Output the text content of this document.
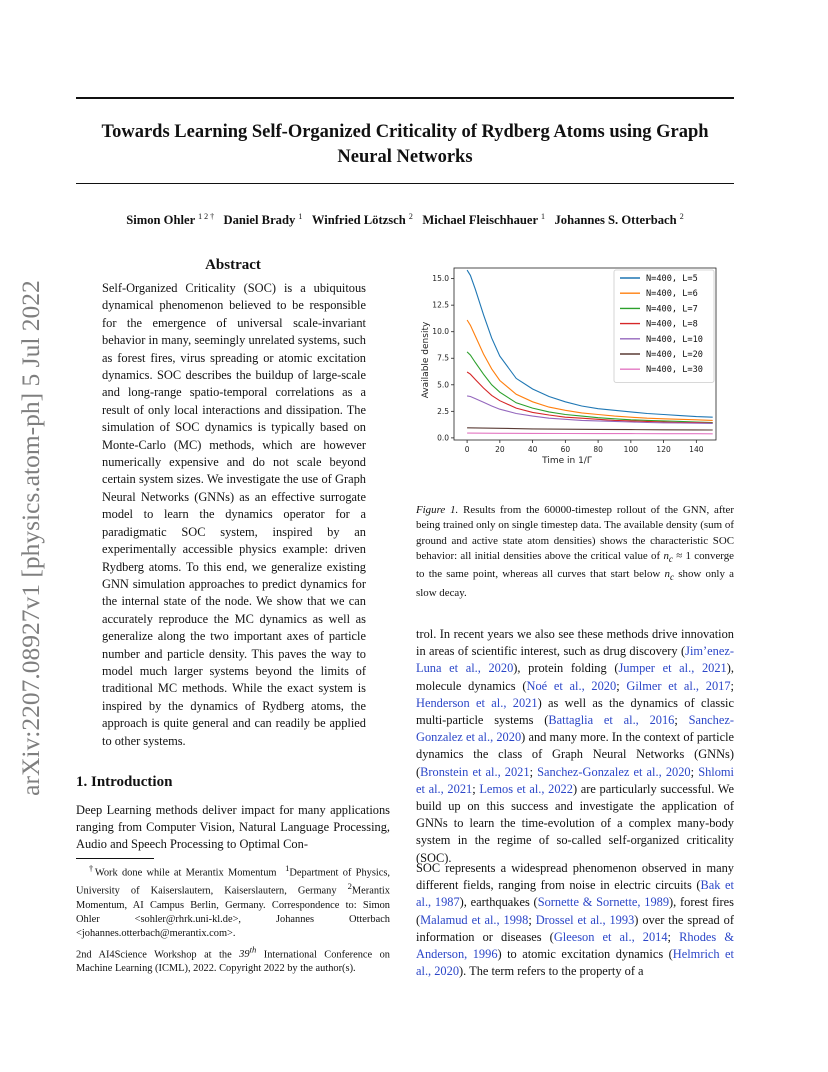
Towards Learning Self-Organized Criticality of Rydberg Atoms using Graph Neural Networks
Simon Ohler $^{1 2 \dagger}$ Daniel Brady $^1$ Winfried Lötzsch $^2$ Michael Fleischhauer $^1$ Johannes S. Otterbach $^2$
arXiv:2207.08927v1 [physics.atom-ph] 5 Jul 2022
Abstract

Self-Organized Criticality (SOC) is a ubiquitous dynamical phenomenon believed to be responsible for the emergence of universal scale-invariant behavior in many, seemingly unrelated systems, such as forest fires, virus spreading or atomic excitation dynamics. SOC describes the buildup of large-scale and long-range spatio-temporal correlations as a result of only local interactions and dissipation. The simulation of SOC dynamics is typically based on Monte-Carlo (MC) methods, which are however numerically expensive and do not scale beyond certain system sizes. We investigate the use of Graph Neural Networks (GNNs) as an effective surrogate model to learn the dynamics operator for a paradigmatic SOC system, inspired by an experimentally accessible physics example: driven Rydberg atoms. To this end, we generalize existing GNN simulation approaches to predict dynamics for the internal state of the node. We show that we can accurately reproduce the MC dynamics as well as generalize along the two important axes of particle number and particle density. This paves the way to model much larger systems beyond the limits of traditional MC methods. While the exact system is inspired by the dynamics of Rydberg atoms, the approach is quite general and can readily be applied to other systems.

1. Introduction

Deep Learning methods deliver impact for many applications ranging from Computer Vision, Natural Language Processing, Audio and Speech Processing to Optimal Con-

†Work done while at Merantix Momentum $^1$Department of Physics, University of Kaiserslautern, Kaiserslautern, Germany $^2$Merantix Momentum, AI Campus Berlin, Germany. Correspondence to: Simon Ohler <sohler@rhrk.uni-kl.de>, Johannes Otterbach <johannes.otterbach@merantix.com>.
2nd AI4Science Workshop at the 39th International Conference on Machine Learning (ICML), 2022. Copyright 2022 by the author(s).
0	20	40	60	80	100 120 140
0.0
2.5
5.0
7.5
10.0
12.5
15.0
Time in 1/Γ
Available density
N=400, L=5
N=400, L=6
N=400, L=7
N=400, L=8
N=400, L=10
N=400, L=20
N=400, L=30
Figure 1. Results from the 60000-timestep rollout of the GNN, after being trained only on single timestep data. The available density (sum of ground and active state atom densities) shows the characteristic SOC behavior: all initial densities above the critical value of $n_c \approx 1$ converge to the same point, whereas all curves that start below $n_c$ show only a slow decay.

trol. In recent years we also see these methods drive innovation in areas of scientific interest, such as drug discovery (Jim’enez-Luna et al., 2020), protein folding (Jumper et al., 2021), molecule dynamics (Noé et al., 2020; Gilmer et al., 2017; Henderson et al., 2021) as well as the dynamics of classic multi-particle systems (Battaglia et al., 2016; Sanchez-Gonzalez et al., 2020) and many more. In the context of particle dynamics the class of Graph Neural Networks (GNNs) (Bronstein et al., 2021; Sanchez-Gonzalez et al., 2020; Shlomi et al., 2021; Lemos et al., 2022) are particularly successful. We build up on this success and investigate the application of GNNs to learn the time-evolution of a complex many-body system in the regime of so-called self-organized criticality (SOC).

SOC represents a widespread phenomenon observed in many different fields, ranging from noise in electric circuits (Bak et al., 1987), earthquakes (Sornette & Sornette, 1989), forest fires (Malamud et al., 1998; Drossel et al., 1993) over the spread of information or diseases (Gleeson et al., 2014; Rhodes & Anderson, 1996) to atomic excitation dynamics (Helmrich et al., 2020). The term refers to the property of a
